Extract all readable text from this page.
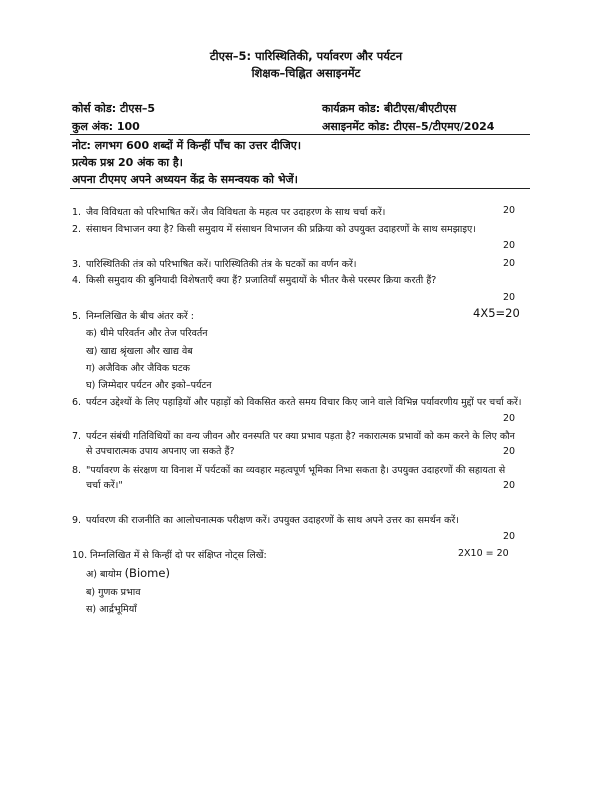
टीएस–5: पारिस्थितिकी, पर्यावरण और पर्यटन
शिक्षक–चिह्नित असाइनमेंट
कोर्स कोड: टीएस–5	कार्यक्रम कोड: बीटीएस/बीएटीएस
कुल अंक: 100	असाइनमेंट कोड: टीएस–5/टीएमए/2024
नोट: लगभग 600 शब्दों में किन्हीं पाँच का उत्तर दीजिए।
प्रत्येक प्रश्न 20 अंक का है।
अपना टीएमए अपने अध्ययन केंद्र के समन्वयक को भेजें।
1. जैव विविधता को परिभाषित करें। जैव विविधता के महत्व पर उदाहरण के साथ चर्चा करें।	20
2. संसाधन विभाजन क्या है? किसी समुदाय में संसाधन विभाजन की प्रक्रिया को उपयुक्त उदाहरणों के साथ समझाइए।
20
3. पारिस्थितिकी तंत्र को परिभाषित करें। पारिस्थितिकी तंत्र के घटकों का वर्णन करें।	20
4. किसी समुदाय की बुनियादी विशेषताएँ क्या हैं? प्रजातियाँ समुदायों के भीतर कैसे परस्पर क्रिया करती हैं?
20
5. निम्नलिखित के बीच अंतर करें :	4X5=20
क) धीमे परिवर्तन और तेज परिवर्तन
ख) खाद्य श्रृंखला और खाद्य वेब
ग) अजैविक और जैविक घटक
घ) जिम्मेदार पर्यटन और इको–पर्यटन
6. पर्यटन उद्देश्यों के लिए पहाड़ियों और पहाड़ों को विकसित करते समय विचार किए जाने वाले विभिन्न पर्यावरणीय मुद्दों पर चर्चा करें।
20
7. पर्यटन संबंधी गतिविधियों का वन्य जीवन और वनस्पति पर क्या प्रभाव पड़ता है? नकारात्मक प्रभावों को कम करने के लिए कौन से उपचारात्मक उपाय अपनाए जा सकते हैं?	20
8. "पर्यावरण के संरक्षण या विनाश में पर्यटकों का व्यवहार महत्वपूर्ण भूमिका निभा सकता है। उपयुक्त उदाहरणों की सहायता से चर्चा करें।"	20
9. पर्यावरण की राजनीति का आलोचनात्मक परीक्षण करें। उपयुक्त उदाहरणों के साथ अपने उत्तर का समर्थन करें।
20
10. निम्नलिखित में से किन्हीं दो पर संक्षिप्त नोट्स लिखें:	2X10 = 20
अ) बायोम (Biome)
ब) गुणक प्रभाव
स) आर्द्रभूमियाँ
